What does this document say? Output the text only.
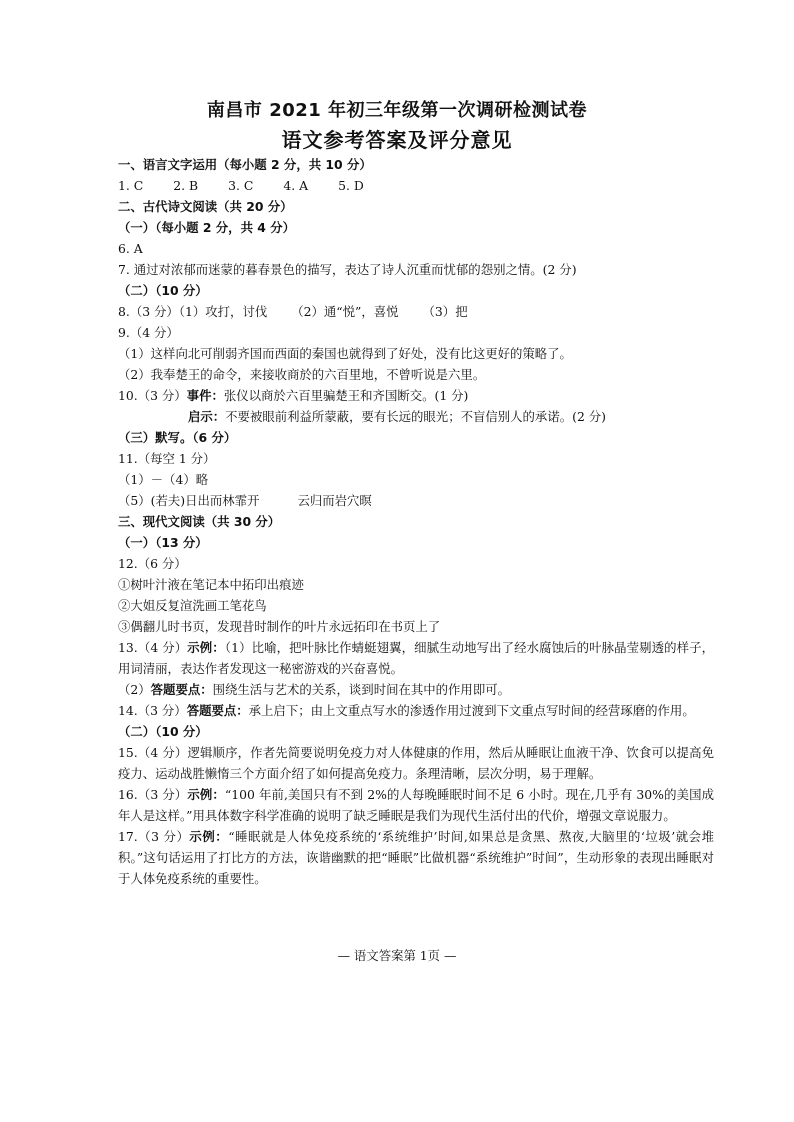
南昌市 2021 年初三年级第一次调研检测试卷
语文参考答案及评分意见
一、语言文字运用（每小题 2 分，共 10 分）
1. C 2. B 3. C 4. A 5. D
二、古代诗文阅读（共 20 分）
（一）（每小题 2 分，共 4 分）
6. A
7. 通过对浓郁而迷蒙的暮春景色的描写，表达了诗人沉重而忧郁的怨别之情。(2 分)
（二）（10 分）
8.（3 分）（1）攻打，讨伐 （2）通“悦”，喜悦 （3）把
9.（4 分）
（1）这样向北可削弱齐国而西面的秦国也就得到了好处，没有比这更好的策略了。
（2）我奉楚王的命令，来接收商於的六百里地，不曾听说是六里。
10.（3 分）事件：张仪以商於六百里骗楚王和齐国断交。(1 分)
启示：不要被眼前利益所蒙蔽，要有长远的眼光；不盲信别人的承诺。(2 分)
（三）默写。（6 分）
11.（每空 1 分）
（1）－（4）略
（5）(若夫)日出而林霏开	云归而岩穴暝
三、现代文阅读（共 30 分）
（一）（13 分）
12.（6 分）
①树叶汁液在笔记本中拓印出痕迹
②大姐反复渲洗画工笔花鸟
③偶翻儿时书页，发现昔时制作的叶片永远拓印在书页上了
13.（4 分）示例：（1）比喻，把叶脉比作蜻蜓翅翼，细腻生动地写出了经水腐蚀后的叶脉晶莹剔透的样子，用词清丽，表达作者发现这一秘密游戏的兴奋喜悦。
（2）答题要点：围绕生活与艺术的关系，谈到时间在其中的作用即可。
14.（3 分）答题要点：承上启下；由上文重点写水的渗透作用过渡到下文重点写时间的经营琢磨的作用。
（二）（10 分）
15.（4 分）逻辑顺序，作者先简要说明免疫力对人体健康的作用，然后从睡眠让血液干净、饮食可以提高免疫力、运动战胜懒惰三个方面介绍了如何提高免疫力。条理清晰，层次分明，易于理解。
16.（3 分）示例：“100 年前,美国只有不到 2%的人每晚睡眠时间不足 6 小时。现在,几乎有 30%的美国成年人是这样。”用具体数字科学准确的说明了缺乏睡眠是我们为现代生活付出的代价，增强文章说服力。
17.（3 分）示例：“睡眠就是人体免疫系统的‘系统维护’时间,如果总是贪黑、熬夜,大脑里的‘垃圾’就会堆积。”这句话运用了打比方的方法，诙谐幽默的把“睡眠”比做机器“系统维护”时间”，生动形象的表现出睡眠对于人体免疫系统的重要性。
— 语文答案第 1页 —
